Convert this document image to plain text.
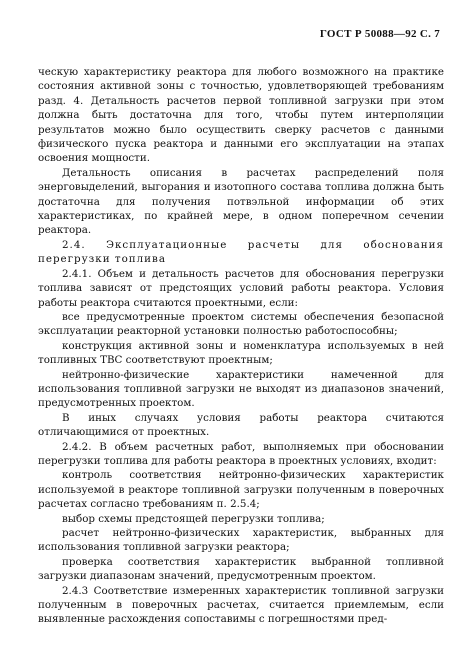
ГОСТ Р 50088—92 С. 7

ческую характеристику реактора для любого возможного на практике состояния активной зоны с точностью, удовлетворяющей требованиям разд. 4. Детальность расчетов первой топливной загрузки при этом должна быть достаточна для того, чтобы путем интерполяции результатов можно было осуществить сверку расчетов с данными физического пуска реактора и данными его эксплуатации на этапах освоения мощности.

Детальность описания в расчетах распределений поля энерговыделений, выгорания и изотопного состава топлива должна быть достаточна для получения потвэльной информации об этих характеристиках, по крайней мере, в одном поперечном сечении реактора.

2.4. Эксплуатационные расчеты для обоснования перегрузки топлива

2.4.1. Объем и детальность расчетов для обоснования перегрузки топлива зависят от предстоящих условий работы реактора. Условия работы реактора считаются проектными, если:

все предусмотренные проектом системы обеспечения безопасной эксплуатации реакторной установки полностью работоспособны;

конструкция активной зоны и номенклатура используемых в ней топливных ТВС соответствуют проектным;

нейтронно-физические характеристики намеченной для использования топливной загрузки не выходят из диапазонов значений, предусмотренных проектом.

В иных случаях условия работы реактора считаются отличающимися от проектных.

2.4.2. В объем расчетных работ, выполняемых при обосновании перегрузки топлива для работы реактора в проектных условиях, входит:

контроль соответствия нейтронно-физических характеристик используемой в реакторе топливной загрузки полученным в поверочных расчетах согласно требованиям п. 2.5.4;

выбор схемы предстоящей перегрузки топлива;

расчет нейтронно-физических характеристик, выбранных для использования топливной загрузки реактора;

проверка соответствия характеристик выбранной топливной загрузки диапазонам значений, предусмотренным проектом.

2.4.3 Соответствие измеренных характеристик топливной загрузки полученным в поверочных расчетах, считается приемлемым, если выявленные расхождения сопоставимы с погрешностями пред-
